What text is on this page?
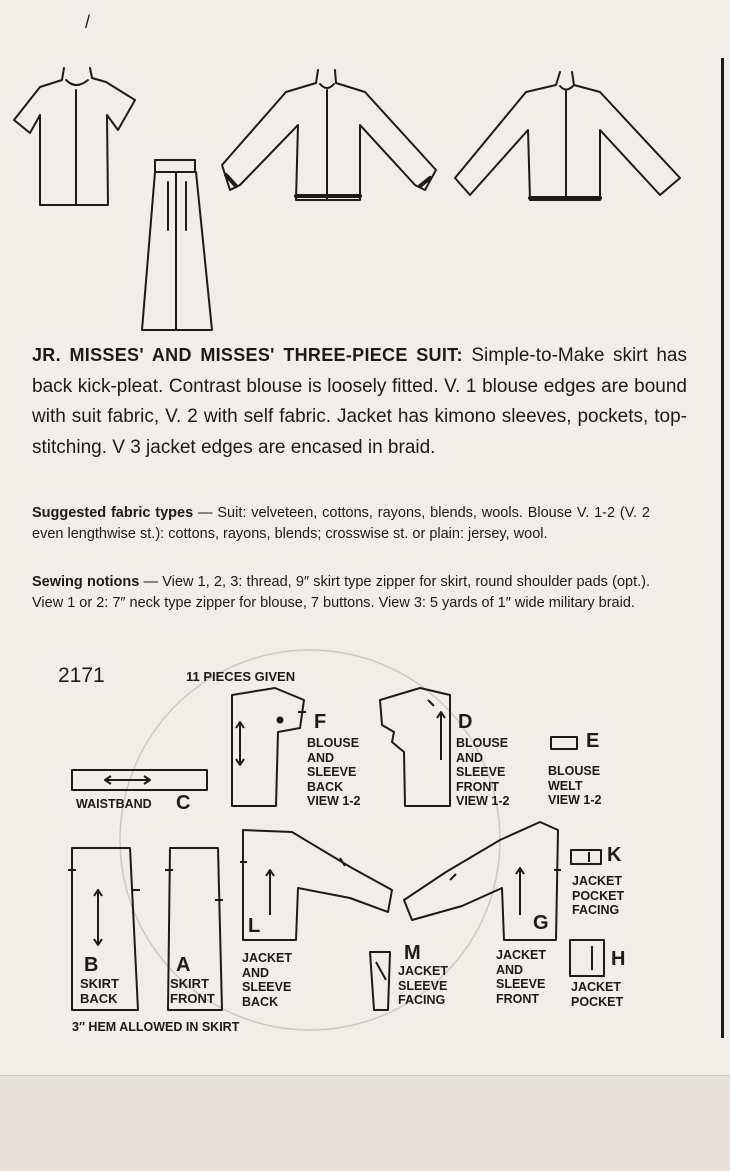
/
JR. MISSES' AND MISSES' THREE-PIECE SUIT: Simple-to-Make skirt has back kick-pleat. Contrast blouse is loosely fitted. V. 1 blouse edges are bound with suit fabric, V. 2 with self fabric. Jacket has kimono sleeves, pockets, top-stitching. V 3 jacket edges are encased in braid.
Suggested fabric types — Suit: velveteen, cottons, rayons, blends, wools. Blouse V. 1-2 (V. 2 even lengthwise st.): cottons, rayons, blends; crosswise st. or plain: jersey, wool.
Sewing notions — View 1, 2, 3: thread, 9″ skirt type zipper for skirt, round shoulder pads (opt.). View 1 or 2: 7″ neck type zipper for blouse, 7 buttons. View 3: 5 yards of 1″ wide military braid.
2171	11 PIECES GIVEN
F
BLOUSE AND SLEEVE BACK VIEW 1-2
D
BLOUSE AND SLEEVE FRONT VIEW 1-2
E
BLOUSE WELT VIEW 1-2
WAISTBAND C
K
JACKET POCKET FACING
L
JACKET AND SLEEVE BACK
G
JACKET AND SLEEVE FRONT
B
SKIRT BACK
A
SKIRT FRONT
M
JACKET SLEEVE FACING
H
JACKET POCKET
3″ HEM ALLOWED IN SKIRT
